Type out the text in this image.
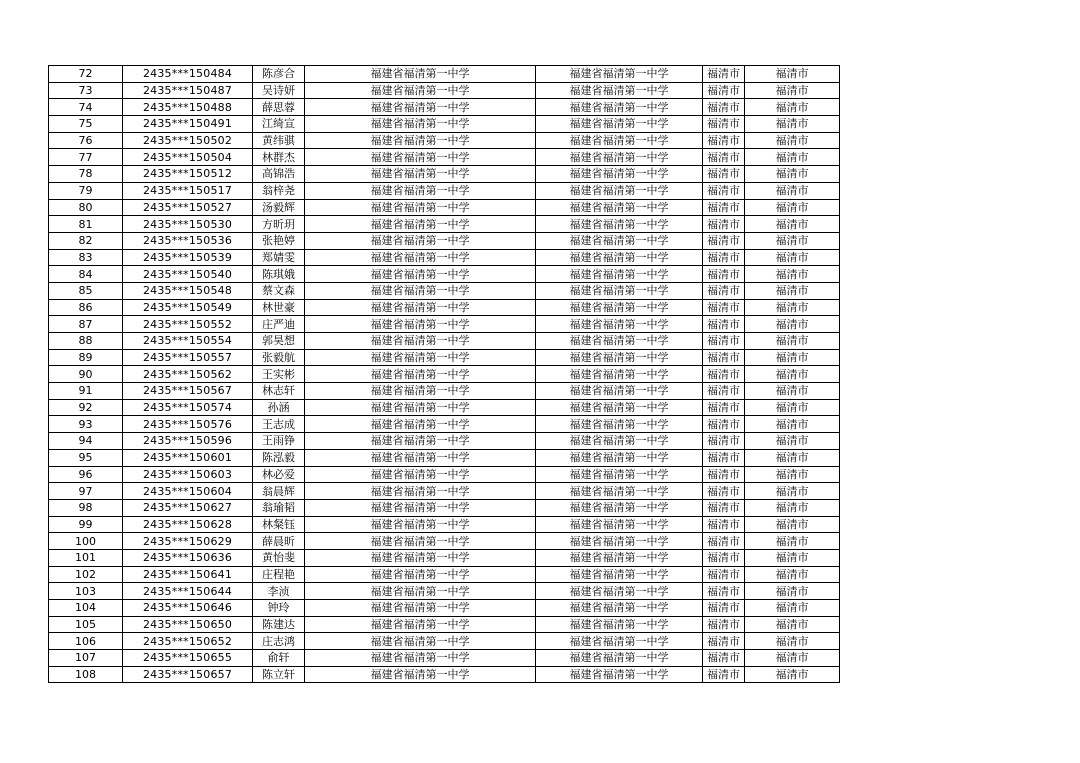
72	2435***150484	陈彦合	福建省福清第一中学	福建省福清第一中学	福清市	福清市
73	2435***150487	吴诗妍	福建省福清第一中学	福建省福清第一中学	福清市	福清市
74	2435***150488	薛思蓉	福建省福清第一中学	福建省福清第一中学	福清市	福清市
75	2435***150491	江绮宣	福建省福清第一中学	福建省福清第一中学	福清市	福清市
76	2435***150502	黄纬骐	福建省福清第一中学	福建省福清第一中学	福清市	福清市
77	2435***150504	林群杰	福建省福清第一中学	福建省福清第一中学	福清市	福清市
78	2435***150512	高锦浩	福建省福清第一中学	福建省福清第一中学	福清市	福清市
79	2435***150517	翁梓尧	福建省福清第一中学	福建省福清第一中学	福清市	福清市
80	2435***150527	汤毅辉	福建省福清第一中学	福建省福清第一中学	福清市	福清市
81	2435***150530	方昕玥	福建省福清第一中学	福建省福清第一中学	福清市	福清市
82	2435***150536	张艳婷	福建省福清第一中学	福建省福清第一中学	福清市	福清市
83	2435***150539	郑婧雯	福建省福清第一中学	福建省福清第一中学	福清市	福清市
84	2435***150540	陈琪娥	福建省福清第一中学	福建省福清第一中学	福清市	福清市
85	2435***150548	蔡文森	福建省福清第一中学	福建省福清第一中学	福清市	福清市
86	2435***150549	林世豪	福建省福清第一中学	福建省福清第一中学	福清市	福清市
87	2435***150552	庄严迪	福建省福清第一中学	福建省福清第一中学	福清市	福清市
88	2435***150554	郭昊想	福建省福清第一中学	福建省福清第一中学	福清市	福清市
89	2435***150557	张毅航	福建省福清第一中学	福建省福清第一中学	福清市	福清市
90	2435***150562	王实彬	福建省福清第一中学	福建省福清第一中学	福清市	福清市
91	2435***150567	林志轩	福建省福清第一中学	福建省福清第一中学	福清市	福清市
92	2435***150574	孙涵	福建省福清第一中学	福建省福清第一中学	福清市	福清市
93	2435***150576	王志成	福建省福清第一中学	福建省福清第一中学	福清市	福清市
94	2435***150596	王雨铮	福建省福清第一中学	福建省福清第一中学	福清市	福清市
95	2435***150601	陈泓毅	福建省福清第一中学	福建省福清第一中学	福清市	福清市
96	2435***150603	林必爱	福建省福清第一中学	福建省福清第一中学	福清市	福清市
97	2435***150604	翁晨辉	福建省福清第一中学	福建省福清第一中学	福清市	福清市
98	2435***150627	翁瑜韬	福建省福清第一中学	福建省福清第一中学	福清市	福清市
99	2435***150628	林粲钰	福建省福清第一中学	福建省福清第一中学	福清市	福清市
100	2435***150629	薛晨昕	福建省福清第一中学	福建省福清第一中学	福清市	福清市
101	2435***150636	黄怡斐	福建省福清第一中学	福建省福清第一中学	福清市	福清市
102	2435***150641	庄程艳	福建省福清第一中学	福建省福清第一中学	福清市	福清市
103	2435***150644	李浈	福建省福清第一中学	福建省福清第一中学	福清市	福清市
104	2435***150646	钟玲	福建省福清第一中学	福建省福清第一中学	福清市	福清市
105	2435***150650	陈建达	福建省福清第一中学	福建省福清第一中学	福清市	福清市
106	2435***150652	庄志鸿	福建省福清第一中学	福建省福清第一中学	福清市	福清市
107	2435***150655	俞轩	福建省福清第一中学	福建省福清第一中学	福清市	福清市
108	2435***150657	陈立轩	福建省福清第一中学	福建省福清第一中学	福清市	福清市
